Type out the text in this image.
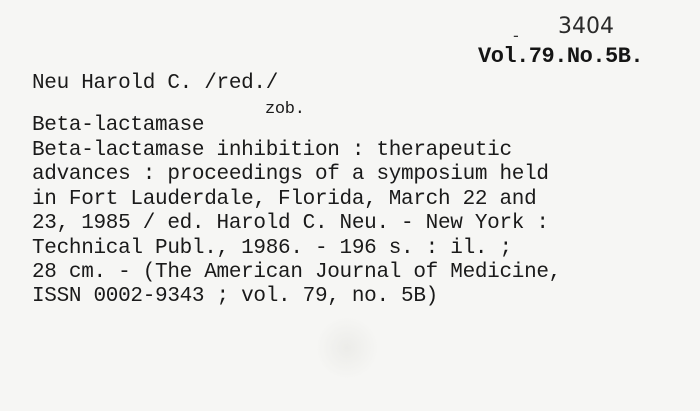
- 3404
Vol.79.No.5B.
Neu Harold C. /red./
zob.
Beta-lactamase
Beta-lactamase inhibition : therapeutic
advances : proceedings of a symposium held
in Fort Lauderdale, Florida, March 22 and
23, 1985 / ed. Harold C. Neu. - New York :
Technical Publ., 1986. - 196 s. : il. ;
28 cm. - (The American Journal of Medicine,
ISSN 0002-9343 ; vol. 79, no. 5B)
